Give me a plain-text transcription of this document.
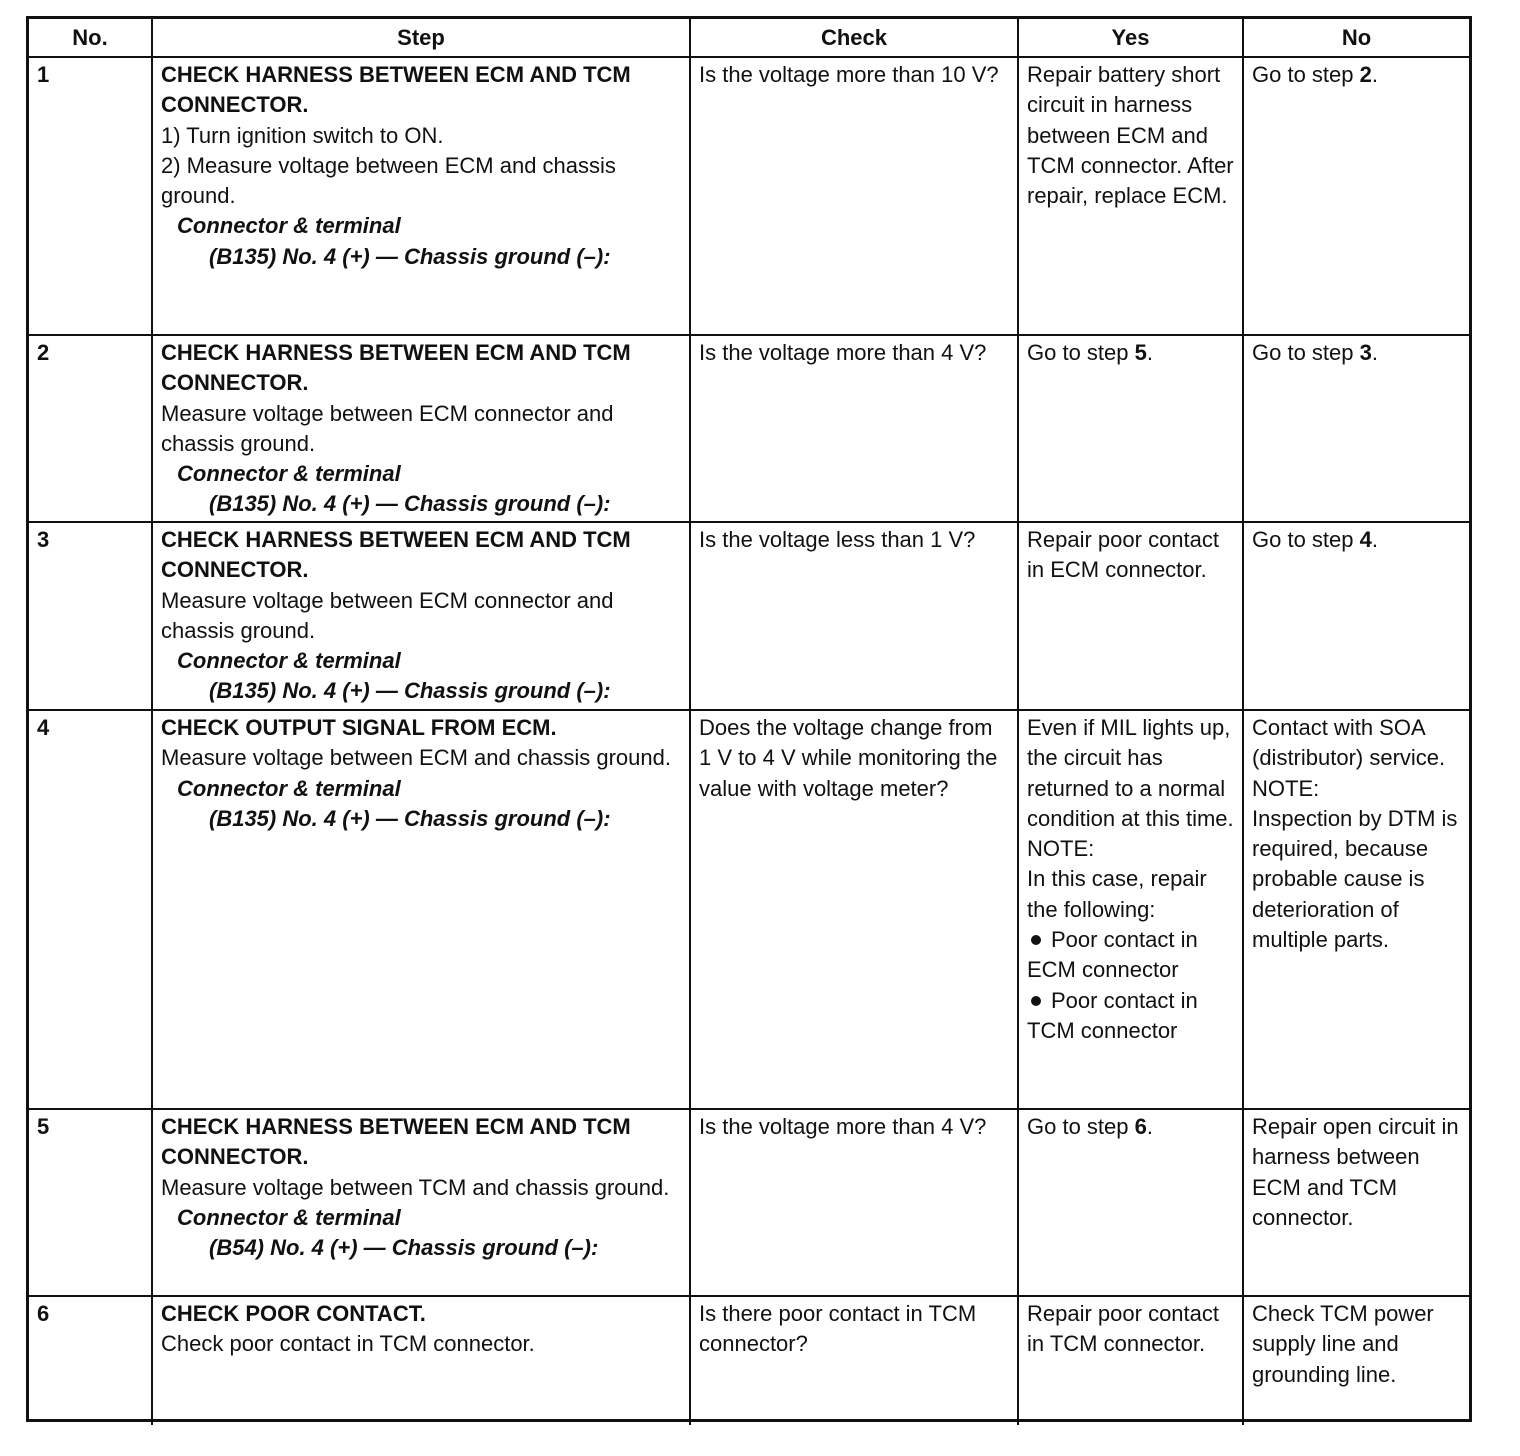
No.	Step	Check	Yes	No
1	CHECK HARNESS BETWEEN ECM AND TCM CONNECTOR.
1) Turn ignition switch to ON.
2) Measure voltage between ECM and chassis ground.
Connector & terminal
(B135) No. 4 (+) — Chassis ground (–):	Is the voltage more than 10 V?	Repair battery short circuit in harness between ECM and TCM connector. After repair, replace ECM.	Go to step 2.
2	CHECK HARNESS BETWEEN ECM AND TCM CONNECTOR.
Measure voltage between ECM connector and chassis ground.
Connector & terminal
(B135) No. 4 (+) — Chassis ground (–):	Is the voltage more than 4 V?	Go to step 5.	Go to step 3.
3	CHECK HARNESS BETWEEN ECM AND TCM CONNECTOR.
Measure voltage between ECM connector and chassis ground.
Connector & terminal
(B135) No. 4 (+) — Chassis ground (–):	Is the voltage less than 1 V?	Repair poor contact in ECM connector.	Go to step 4.
4	CHECK OUTPUT SIGNAL FROM ECM.
Measure voltage between ECM and chassis ground.
Connector & terminal
(B135) No. 4 (+) — Chassis ground (–):	Does the voltage change from 1 V to 4 V while monitoring the value with voltage meter?	Even if MIL lights up, the circuit has returned to a normal condition at this time.
NOTE:
In this case, repair the following:
Poor contact in ECM connector
Poor contact in TCM connector	Contact with SOA (distributor) service.
NOTE:
Inspection by DTM is required, because probable cause is deterioration of multiple parts.

5	CHECK HARNESS BETWEEN ECM AND TCM CONNECTOR.
Measure voltage between TCM and chassis ground.
Connector & terminal
(B54) No. 4 (+) — Chassis ground (–):	Is the voltage more than 4 V?	Go to step 6.	Repair open circuit in harness between ECM and TCM connector.
6	CHECK POOR CONTACT.
Check poor contact in TCM connector.	Is there poor contact in TCM connector?	Repair poor contact in TCM connector.	Check TCM power supply line and grounding line.
